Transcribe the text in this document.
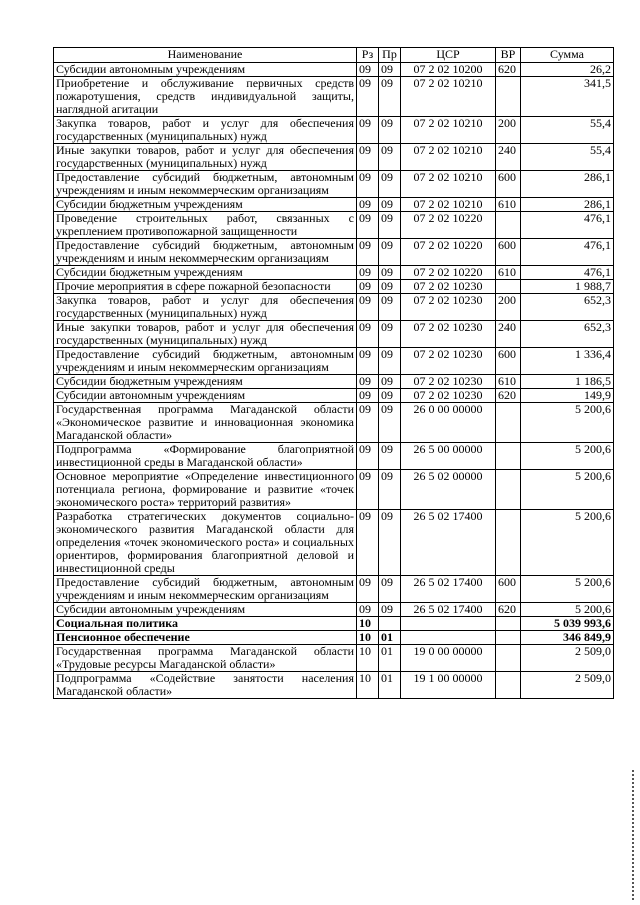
Наименование	Рз	Пр	ЦСР	ВР	Сумма
Субсидии автономным учреждениям	09	09	07 2 02 10200	620	26,2
Приобретение и обслуживание первичных средств пожаротушения, средств индивидуальной защиты, наглядной агитации	09	09	07 2 02 10210		341,5
Закупка товаров, работ и услуг для обеспечения государственных (муниципальных) нужд	09	09	07 2 02 10210	200	55,4
Иные закупки товаров, работ и услуг для обеспечения государственных (муниципальных) нужд	09	09	07 2 02 10210	240	55,4
Предоставление субсидий бюджетным, автономным учреждениям и иным некоммерческим организациям	09	09	07 2 02 10210	600	286,1
Субсидии бюджетным учреждениям	09	09	07 2 02 10210	610	286,1
Проведение строительных работ, связанных с укреплением противопожарной защищенности	09	09	07 2 02 10220		476,1
Предоставление субсидий бюджетным, автономным учреждениям и иным некоммерческим организациям	09	09	07 2 02 10220	600	476,1
Субсидии бюджетным учреждениям	09	09	07 2 02 10220	610	476,1
Прочие мероприятия в сфере пожарной безопасности	09	09	07 2 02 10230		1 988,7
Закупка товаров, работ и услуг для обеспечения государственных (муниципальных) нужд	09	09	07 2 02 10230	200	652,3
Иные закупки товаров, работ и услуг для обеспечения государственных (муниципальных) нужд	09	09	07 2 02 10230	240	652,3
Предоставление субсидий бюджетным, автономным учреждениям и иным некоммерческим организациям	09	09	07 2 02 10230	600	1 336,4
Субсидии бюджетным учреждениям	09	09	07 2 02 10230	610	1 186,5
Субсидии автономным учреждениям	09	09	07 2 02 10230	620	149,9
Государственная программа Магаданской области «Экономическое развитие и инновационная экономика Магаданской области»	09	09	26 0 00 00000		5 200,6
Подпрограмма «Формирование благоприятной инвестиционной среды в Магаданской области»	09	09	26 5 00 00000		5 200,6
Основное мероприятие «Определение инвестиционного потенциала региона, формирование и развитие «точек экономического роста» территорий развития»	09	09	26 5 02 00000		5 200,6
Разработка стратегических документов социально-экономического развития Магаданской области для определения «точек экономического роста» и социальных ориентиров, формирования благоприятной деловой и инвестиционной среды	09	09	26 5 02 17400		5 200,6
Предоставление субсидий бюджетным, автономным учреждениям и иным некоммерческим организациям	09	09	26 5 02 17400	600	5 200,6
Субсидии автономным учреждениям	09	09	26 5 02 17400	620	5 200,6
Социальная политика	10				5 039 993,6
Пенсионное обеспечение	10	01			346 849,9
Государственная программа Магаданской области «Трудовые ресурсы Магаданской области»	10	01	19 0 00 00000		2 509,0
Подпрограмма «Содействие занятости населения Магаданской области»	10	01	19 1 00 00000		2 509,0
